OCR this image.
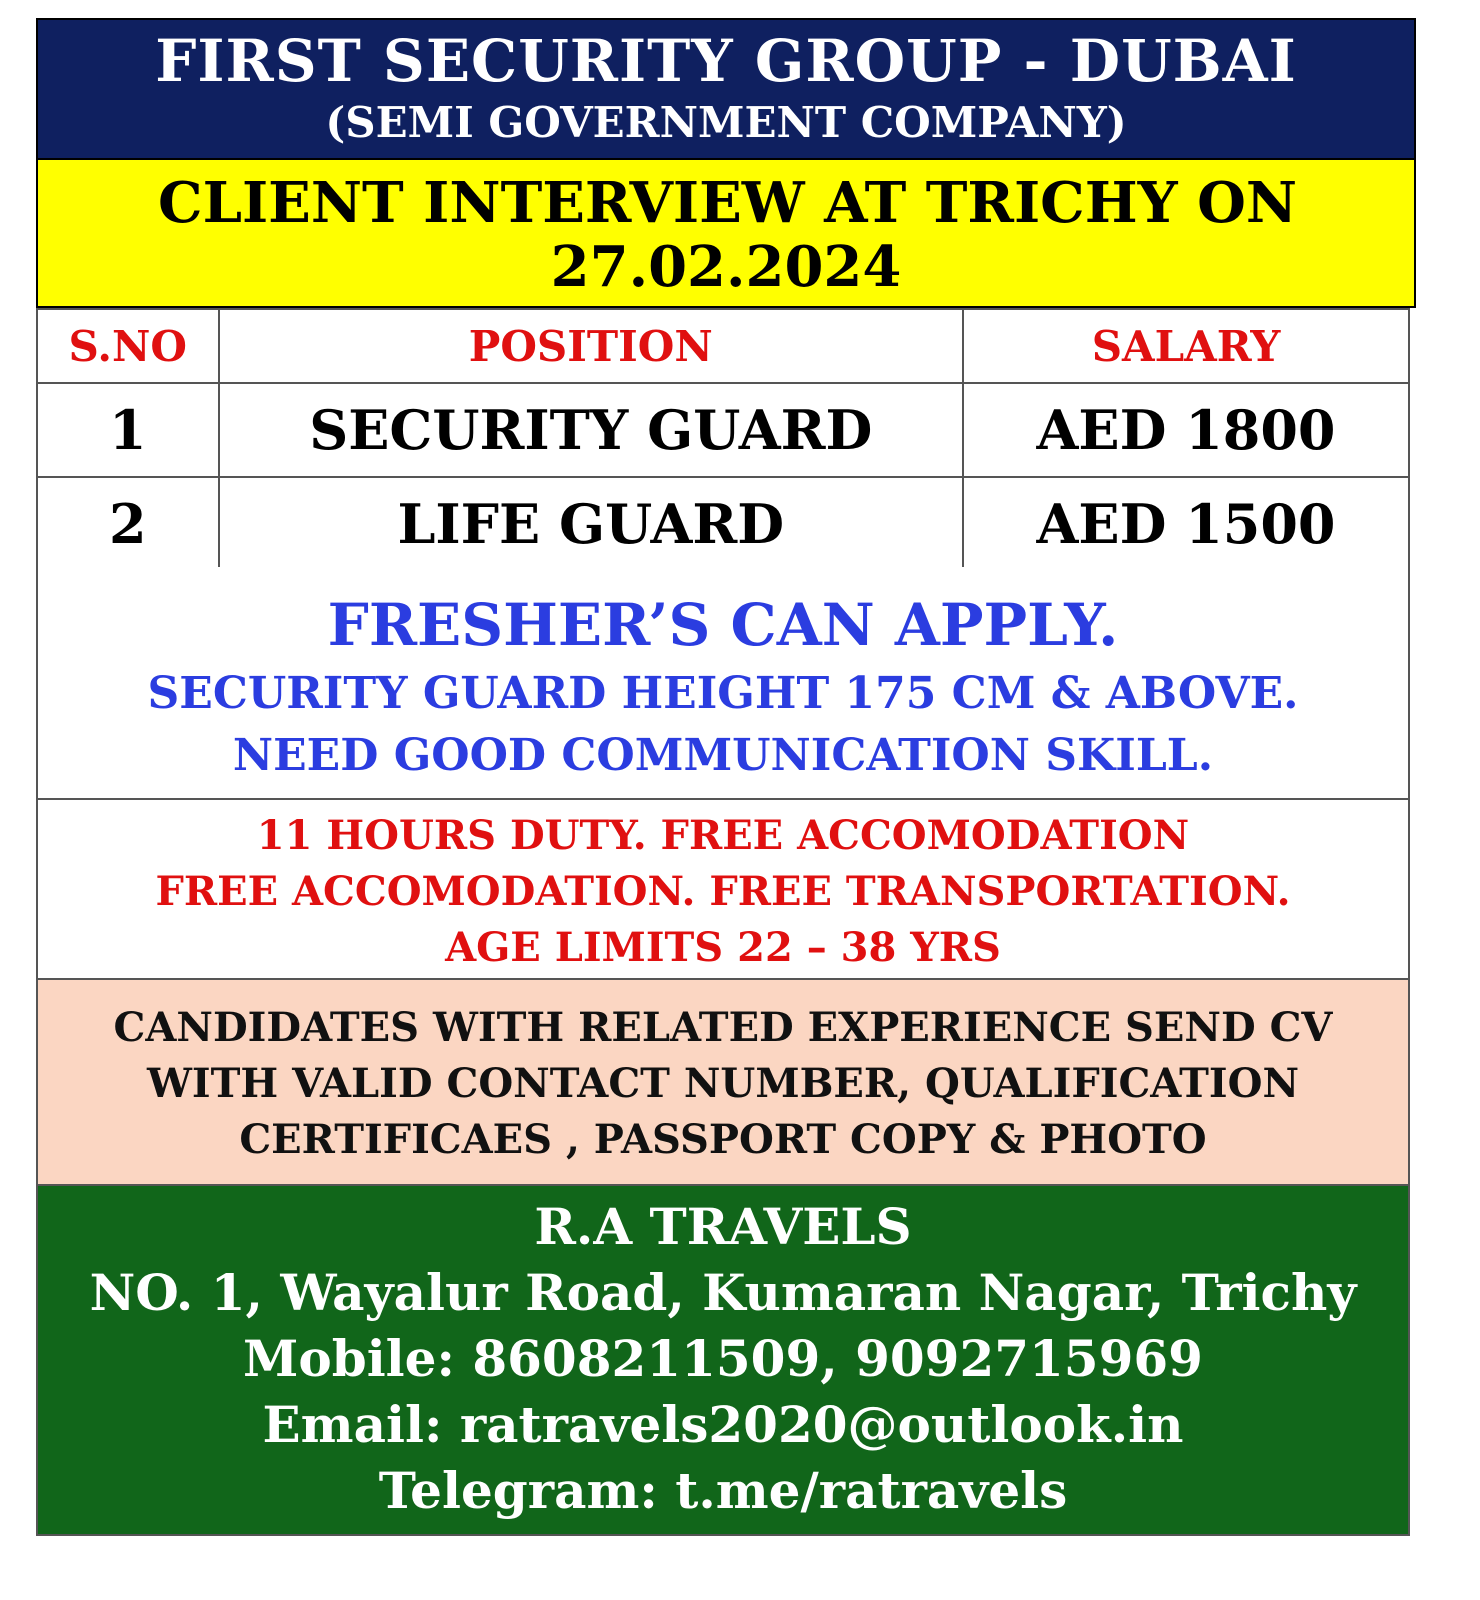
FIRST SECURITY GROUP - DUBAI
(SEMI GOVERNMENT COMPANY)
CLIENT INTERVIEW AT TRICHY ON
27.02.2024
S.NO	POSITION	SALARY
1	SECURITY GUARD	AED 1800
2	LIFE GUARD	AED 1500
FRESHER’S CAN APPLY.
SECURITY GUARD HEIGHT 175 CM & ABOVE.
NEED GOOD COMMUNICATION SKILL.
11 HOURS DUTY. FREE ACCOMODATION
FREE ACCOMODATION. FREE TRANSPORTATION.
AGE LIMITS 22 – 38 YRS
CANDIDATES WITH RELATED EXPERIENCE SEND CV
WITH VALID CONTACT NUMBER, QUALIFICATION
CERTIFICAES , PASSPORT COPY & PHOTO
R.A TRAVELS
NO. 1, Wayalur Road, Kumaran Nagar, Trichy
Mobile: 8608211509, 9092715969
Email: ratravels2020@outlook.in
Telegram: t.me/ratravels
